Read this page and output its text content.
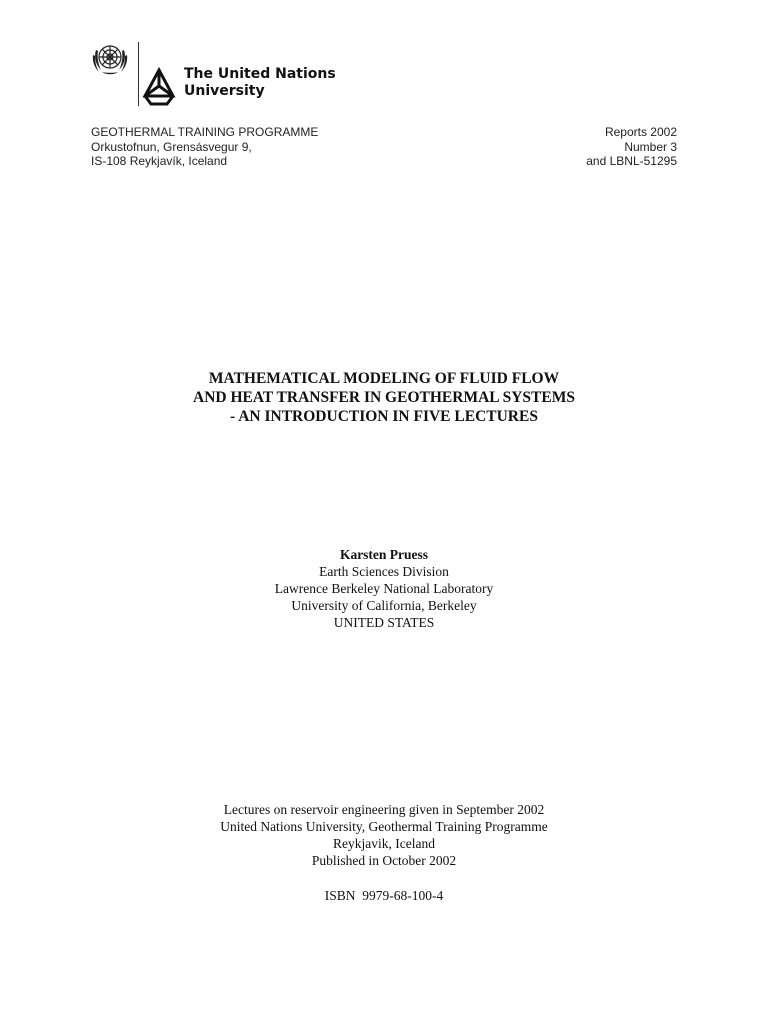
The United Nations
University
GEOTHERMAL TRAINING PROGRAMME
Orkustofnun, Grensásvegur 9,
IS-108 Reykjavík, Iceland
Reports 2002
Number 3
and LBNL-51295
MATHEMATICAL MODELING OF FLUID FLOW
AND HEAT TRANSFER IN GEOTHERMAL SYSTEMS
- AN INTRODUCTION IN FIVE LECTURES
Karsten Pruess
Earth Sciences Division
Lawrence Berkeley National Laboratory
University of California, Berkeley
UNITED STATES
Lectures on reservoir engineering given in September 2002
United Nations University, Geothermal Training Programme
Reykjavik, Iceland
Published in October 2002
ISBN  9979-68-100-4
